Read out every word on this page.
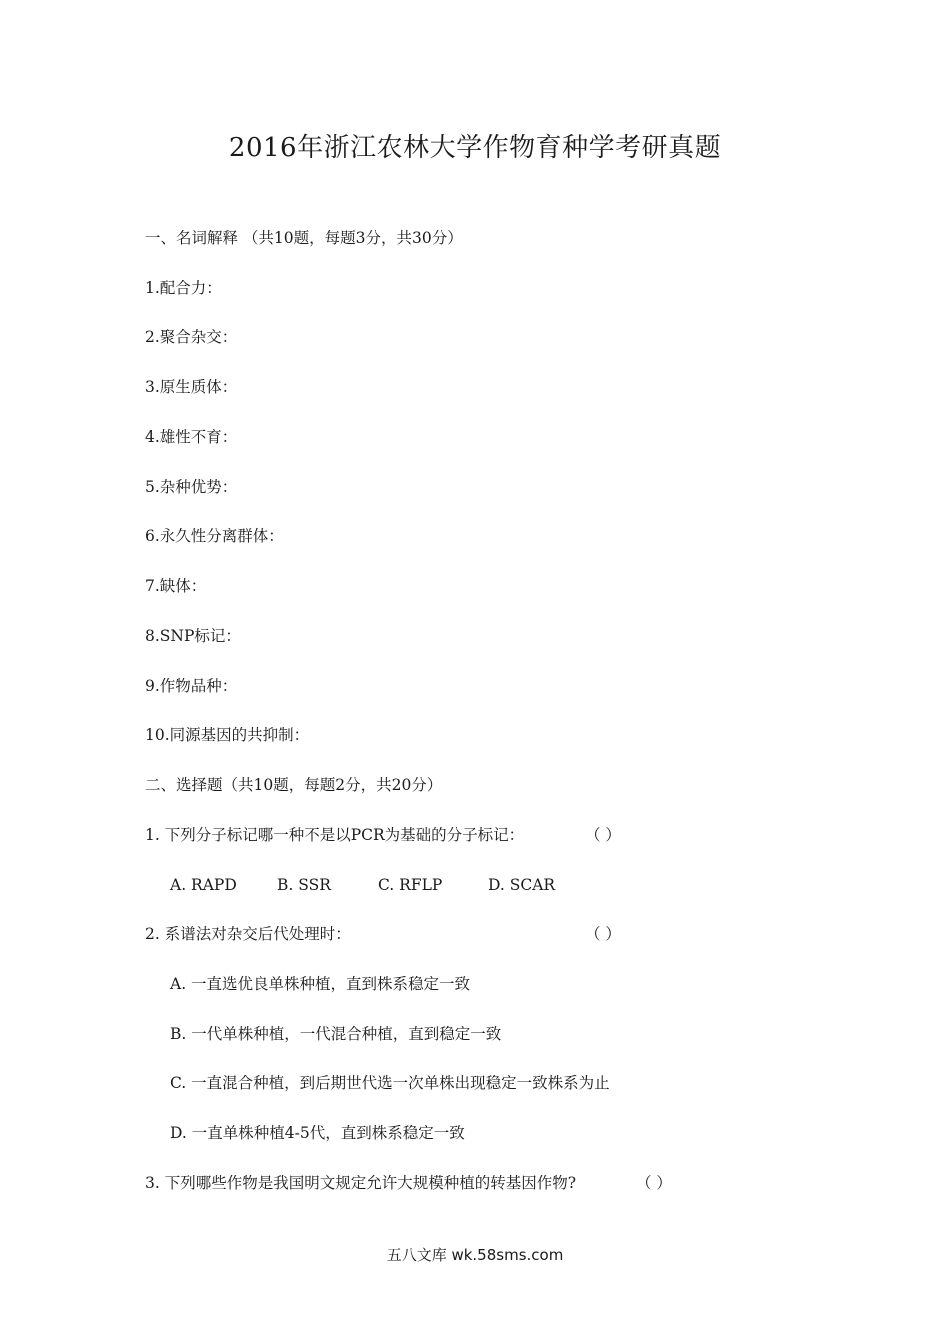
2016年浙江农林大学作物育种学考研真题
一、名词解释 （共10题，每题3分，共30分）
1.配合力：
2.聚合杂交：
3.原生质体：
4.雄性不育：
5.杂种优势：
6.永久性分离群体：
7.缺体：
8.SNP标记：
9.作物品种：
10.同源基因的共抑制：
二、选择题（共10题，每题2分，共20分）
1. 下列分子标记哪一种不是以PCR为基础的分子标记：	（ ）
A. RAPD	B. SSR	C. RFLP	D. SCAR
2. 系谱法对杂交后代处理时：	（ ）
A. 一直选优良单株种植，直到株系稳定一致
B. 一代单株种植，一代混合种植，直到稳定一致
C. 一直混合种植，到后期世代选一次单株出现稳定一致株系为止
D. 一直单株种植4-5代，直到株系稳定一致
3. 下列哪些作物是我国明文规定允许大规模种植的转基因作物?	（ ）
五八文库 wk.58sms.com
